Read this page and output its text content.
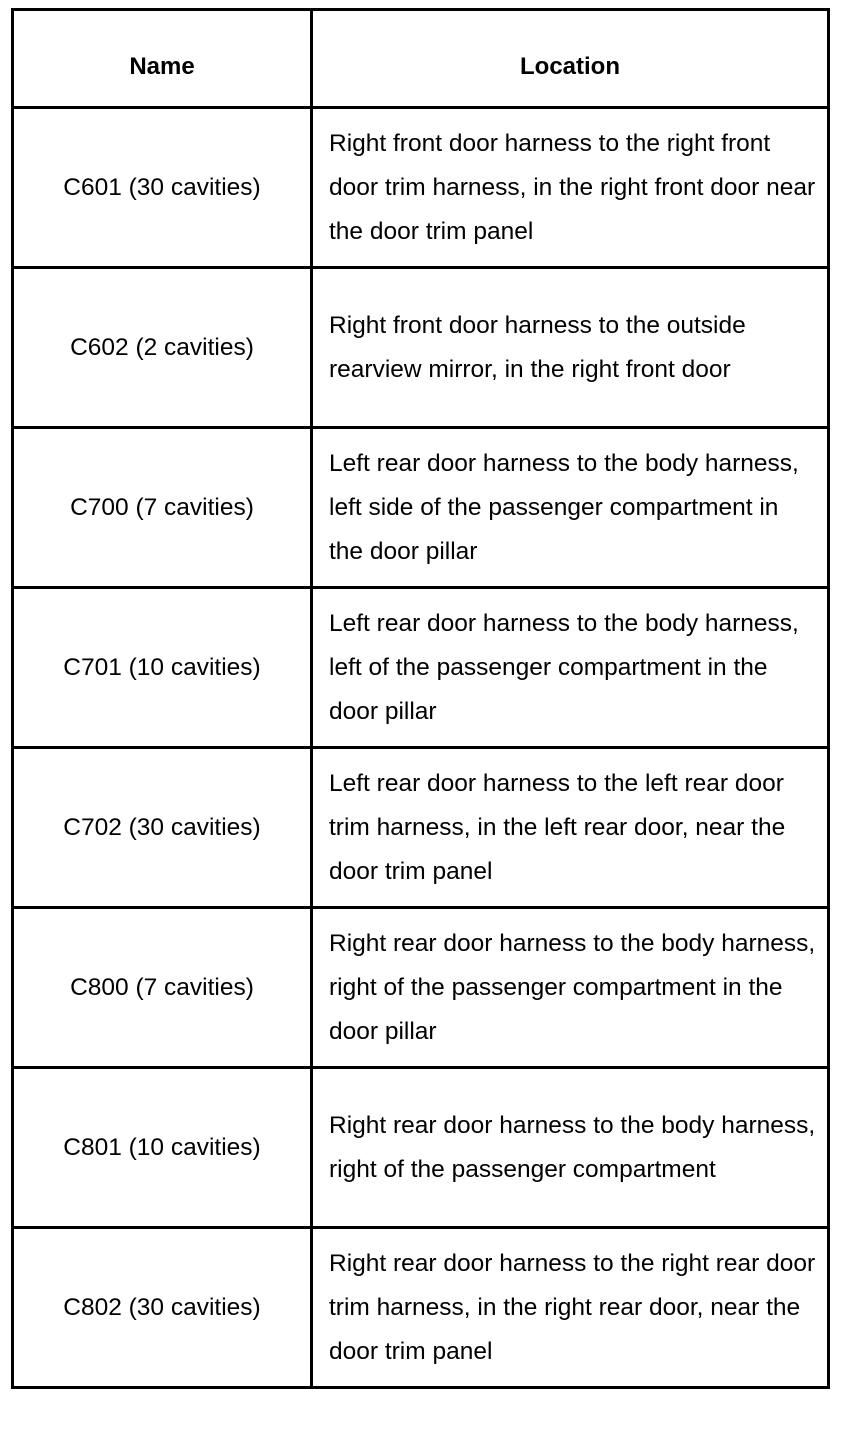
Name	Location
C601 (30 cavities)	Right front door harness to the right front door trim harness, in the right front door near the door trim panel
C602 (2 cavities)	Right front door harness to the outside rearview mirror, in the right front door
C700 (7 cavities)	Left rear door harness to the body harness, left side of the passenger compartment in the door pillar
C701 (10 cavities)	Left rear door harness to the body harness, left of the passenger compartment in the door pillar
C702 (30 cavities)	Left rear door harness to the left rear door trim harness, in the left rear door, near the door trim panel
C800 (7 cavities)	Right rear door harness to the body harness, right of the passenger compartment in the door pillar
C801 (10 cavities)	Right rear door harness to the body harness, right of the passenger compartment
C802 (30 cavities)	Right rear door harness to the right rear door trim harness, in the right rear door, near the door trim panel
